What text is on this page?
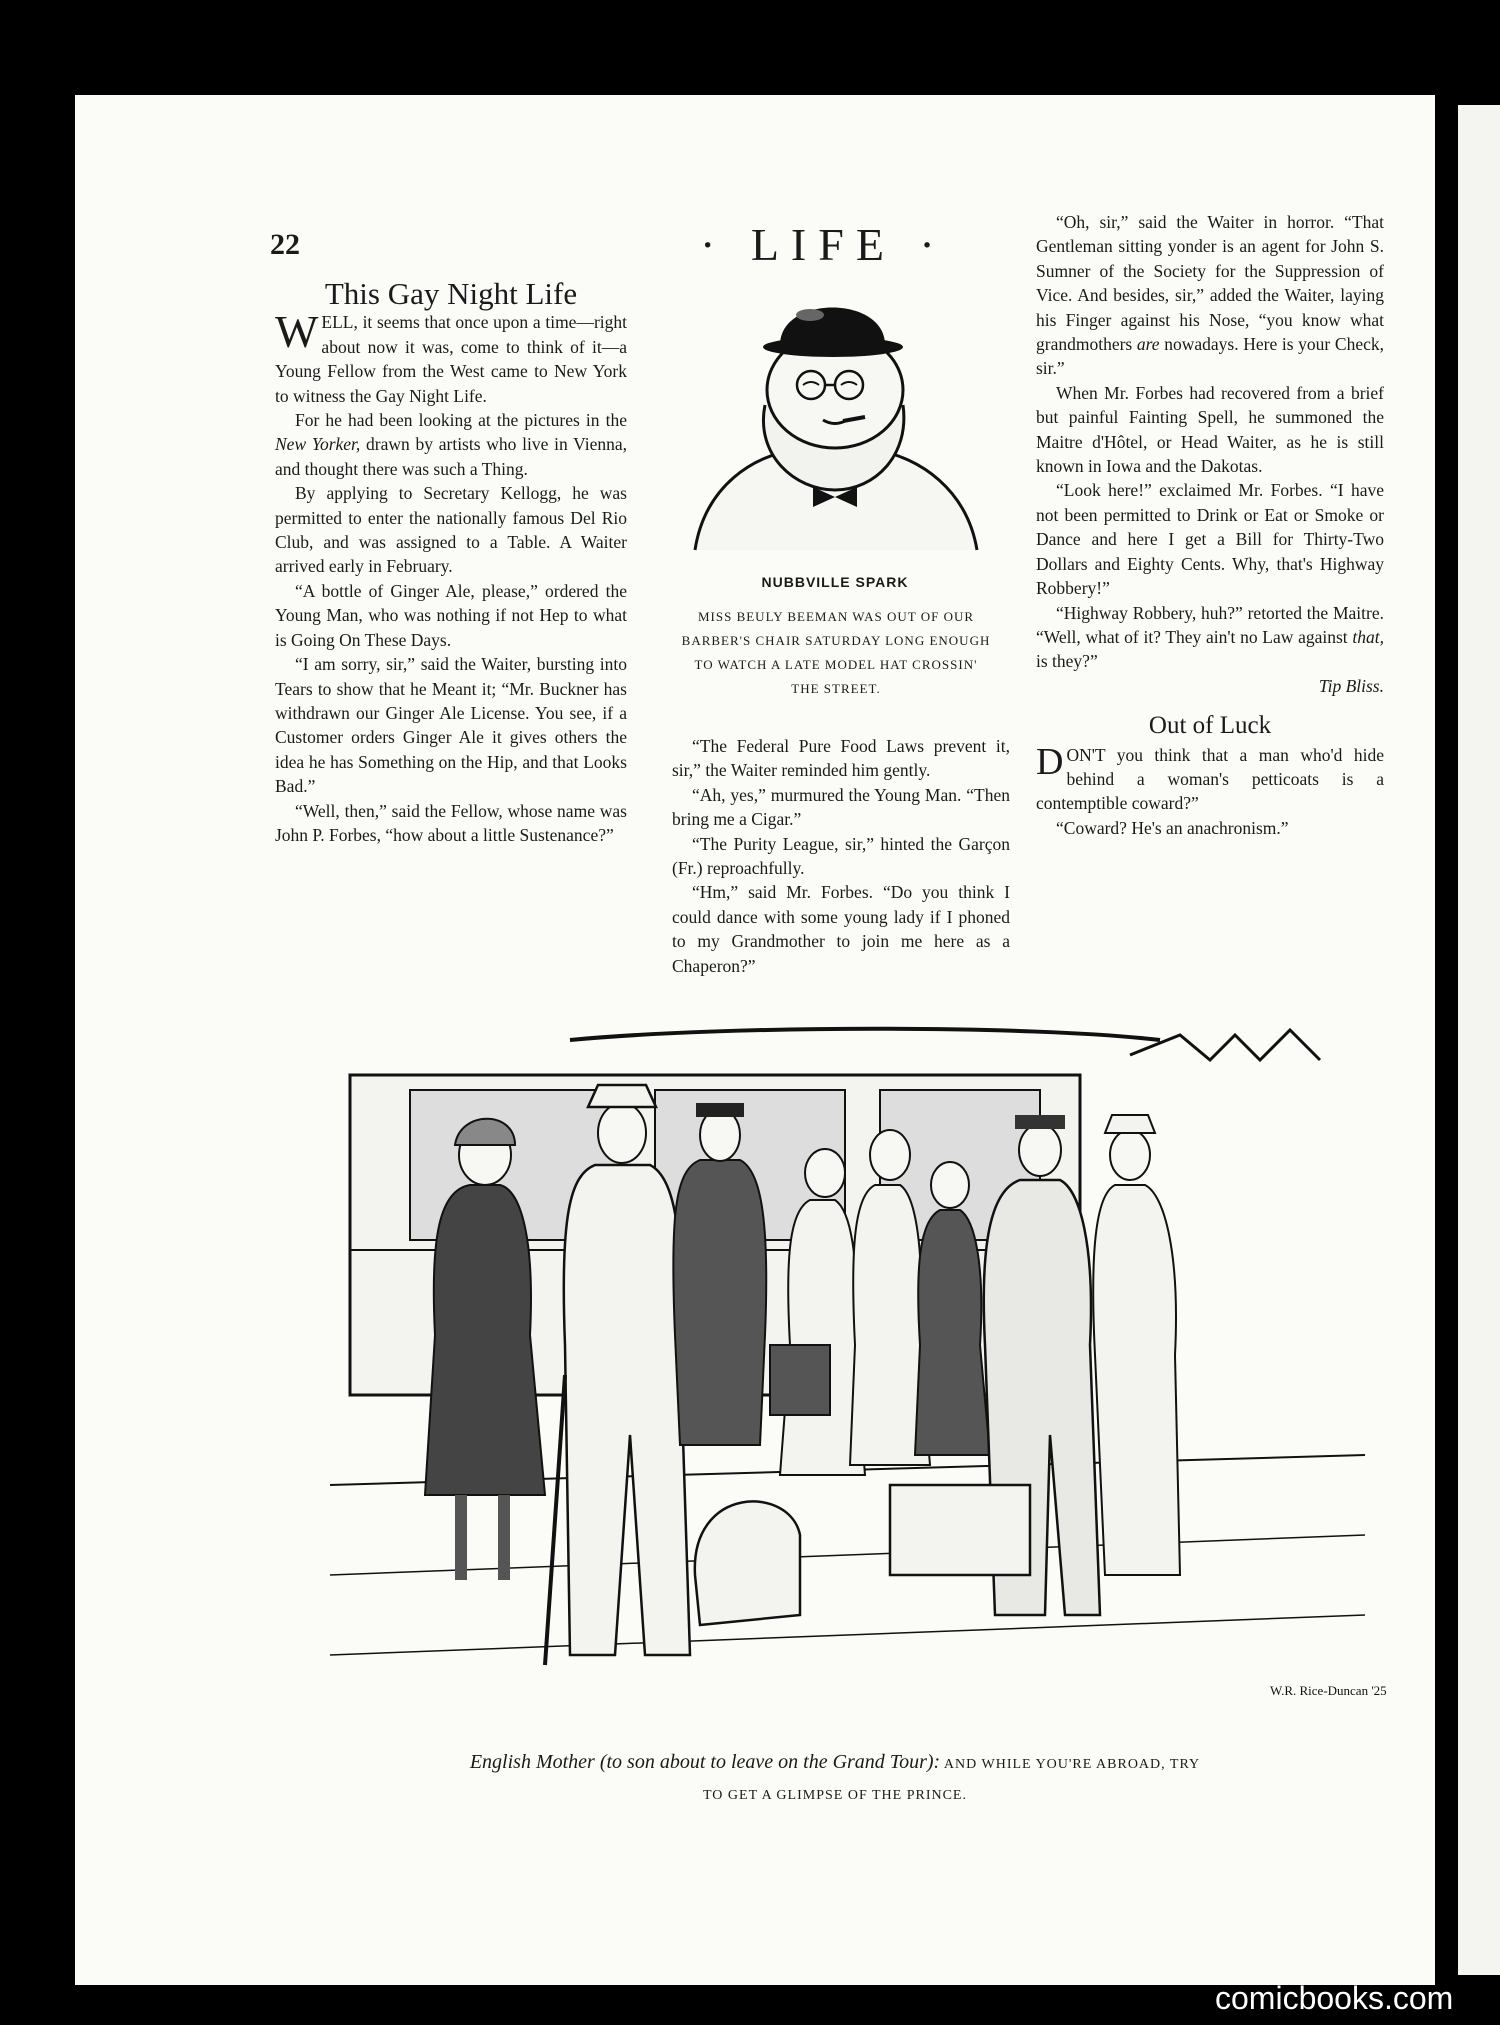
22	· LIFE ·
This Gay Night Life

WELL, it seems that once upon a time—right about now it was, come to think of it—a Young Fellow from the West came to New York to witness the Gay Night Life.

For he had been looking at the pictures in the New Yorker, drawn by artists who live in Vienna, and thought there was such a Thing.

By applying to Secretary Kellogg, he was permitted to enter the nationally famous Del Rio Club, and was assigned to a Table. A Waiter arrived early in February.

“A bottle of Ginger Ale, please,” ordered the Young Man, who was nothing if not Hep to what is Going On These Days.

“I am sorry, sir,” said the Waiter, bursting into Tears to show that he Meant it; “Mr. Buckner has withdrawn our Ginger Ale License. You see, if a Customer orders Ginger Ale it gives others the idea he has Something on the Hip, and that Looks Bad.”

“Well, then,” said the Fellow, whose name was John P. Forbes, “how about a little Sustenance?”

NUBBVILLE SPARK
MISS BEULY BEEMAN WAS OUT OF OUR
BARBER'S CHAIR SATURDAY LONG ENOUGH
TO WATCH A LATE MODEL HAT CROSSIN'
THE STREET.

“The Federal Pure Food Laws prevent it, sir,” the Waiter reminded him gently.

“Ah, yes,” murmured the Young Man. “Then bring me a Cigar.”

“The Purity League, sir,” hinted the Garçon (Fr.) reproachfully.

“Hm,” said Mr. Forbes. “Do you think I could dance with some young lady if I phoned to my Grandmother to join me here as a Chaperon?”

“Oh, sir,” said the Waiter in horror. “That Gentleman sitting yonder is an agent for John S. Sumner of the Society for the Suppression of Vice. And besides, sir,” added the Waiter, laying his Finger against his Nose, “you know what grandmothers are nowadays. Here is your Check, sir.”

When Mr. Forbes had recovered from a brief but painful Fainting Spell, he summoned the Maitre d'Hôtel, or Head Waiter, as he is still known in Iowa and the Dakotas.

“Look here!” exclaimed Mr. Forbes. “I have not been permitted to Drink or Eat or Smoke or Dance and here I get a Bill for Thirty-Two Dollars and Eighty Cents. Why, that's Highway Robbery!”

“Highway Robbery, huh?” retorted the Maitre. “Well, what of it? They ain't no Law against that, is they?”

Tip Bliss.
Out of Luck

DON'T you think that a man who'd hide behind a woman's petticoats is a contemptible coward?”

“Coward? He's an anachronism.”

W.R. Rice-Duncan '25
English Mother (to son about to leave on the Grand Tour): AND WHILE YOU'RE ABROAD, TRY
TO GET A GLIMPSE OF THE PRINCE.
comicbooks.com
